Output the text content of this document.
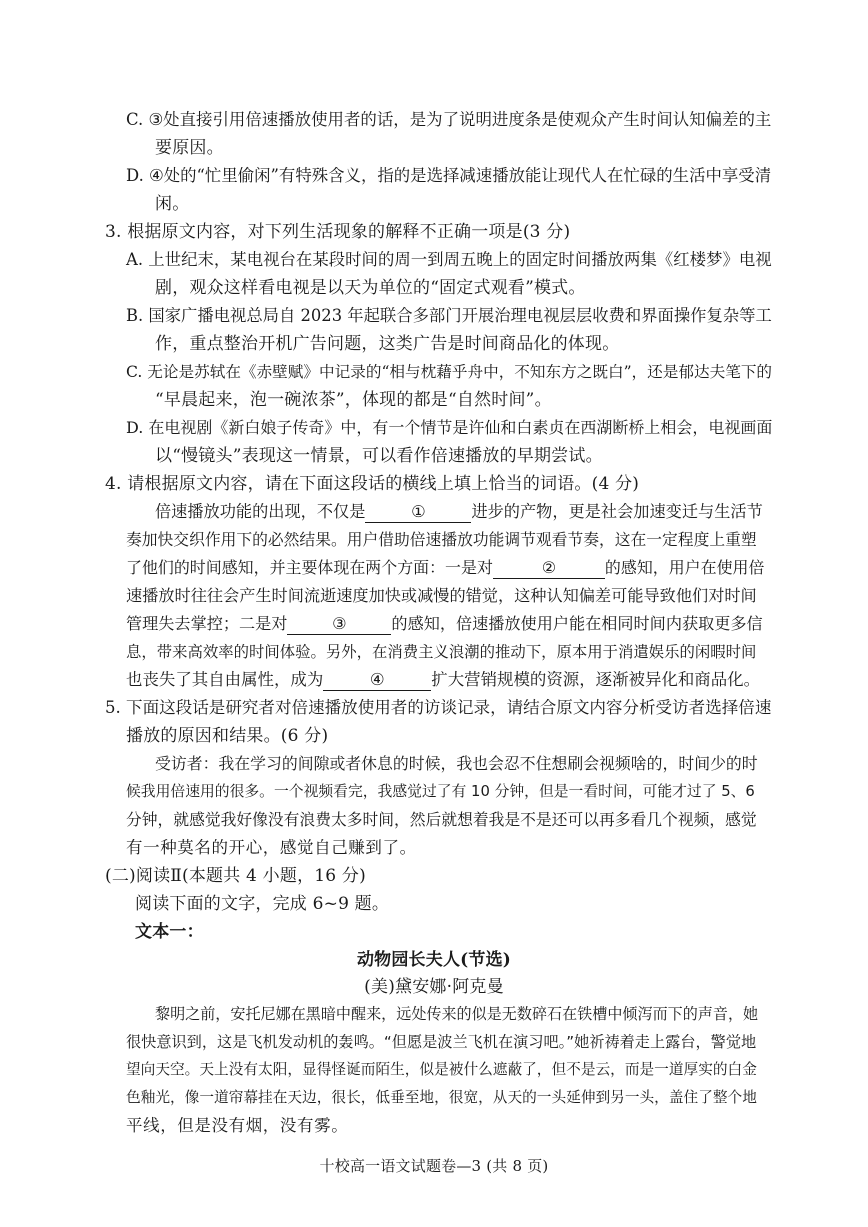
C. ③处直接引用倍速播放使用者的话，是为了说明进度条是使观众产生时间认知偏差的主
要原因。
D. ④处的“忙里偷闲”有特殊含义，指的是选择减速播放能让现代人在忙碌的生活中享受清
闲。
3. 根据原文内容，对下列生活现象的解释不正确一项是(3 分)
A. 上世纪末，某电视台在某段时间的周一到周五晚上的固定时间播放两集《红楼梦》电视
剧，观众这样看电视是以天为单位的“固定式观看”模式。
B. 国家广播电视总局自 2023 年起联合多部门开展治理电视层层收费和界面操作复杂等工
作，重点整治开机广告问题，这类广告是时间商品化的体现。
C. 无论是苏轼在《赤壁赋》中记录的“相与枕藉乎舟中，不知东方之既白”，还是郁达夫笔下的
“早晨起来，泡一碗浓茶”，体现的都是“自然时间”。
D. 在电视剧《新白娘子传奇》中，有一个情节是许仙和白素贞在西湖断桥上相会，电视画面
以“慢镜头”表现这一情景，可以看作倍速播放的早期尝试。
4. 请根据原文内容，请在下面这段话的横线上填上恰当的词语。(4 分)
倍速播放功能的出现，不仅是	①	进步的产物，更是社会加速变迁与生活节
奏加快交织作用下的必然结果。用户借助倍速播放功能调节观看节奏，这在一定程度上重塑
了他们的时间感知，并主要体现在两个方面：一是对	②	的感知，用户在使用倍
速播放时往往会产生时间流逝速度加快或减慢的错觉，这种认知偏差可能导致他们对时间
管理失去掌控；二是对	③	的感知，倍速播放使用户能在相同时间内获取更多信
息，带来高效率的时间体验。另外，在消费主义浪潮的推动下，原本用于消遣娱乐的闲暇时间
也丧失了其自由属性，成为	④	扩大营销规模的资源，逐渐被异化和商品化。
5. 下面这段话是研究者对倍速播放使用者的访谈记录，请结合原文内容分析受访者选择倍速
播放的原因和结果。(6 分)
受访者：我在学习的间隙或者休息的时候，我也会忍不住想刷会视频啥的，时间少的时
候我用倍速用的很多。一个视频看完，我感觉过了有 10 分钟，但是一看时间，可能才过了 5、6
分钟，就感觉我好像没有浪费太多时间，然后就想着我是不是还可以再多看几个视频，感觉
有一种莫名的开心，感觉自己赚到了。
(二)阅读Ⅱ(本题共 4 小题，16 分)
阅读下面的文字，完成 6~9 题。
文本一：
动物园长夫人(节选)
(美)黛安娜·阿克曼
黎明之前，安托尼娜在黑暗中醒来，远处传来的似是无数碎石在铁槽中倾泻而下的声音，她
很快意识到，这是飞机发动机的轰鸣。“但愿是波兰飞机在演习吧。”她祈祷着走上露台，警觉地
望向天空。天上没有太阳，显得怪诞而陌生，似是被什么遮蔽了，但不是云，而是一道厚实的白金
色釉光，像一道帘幕挂在天边，很长，低垂至地，很宽，从天的一头延伸到另一头，盖住了整个地
平线，但是没有烟，没有雾。
十校高一语文试题卷—3 (共 8 页)
